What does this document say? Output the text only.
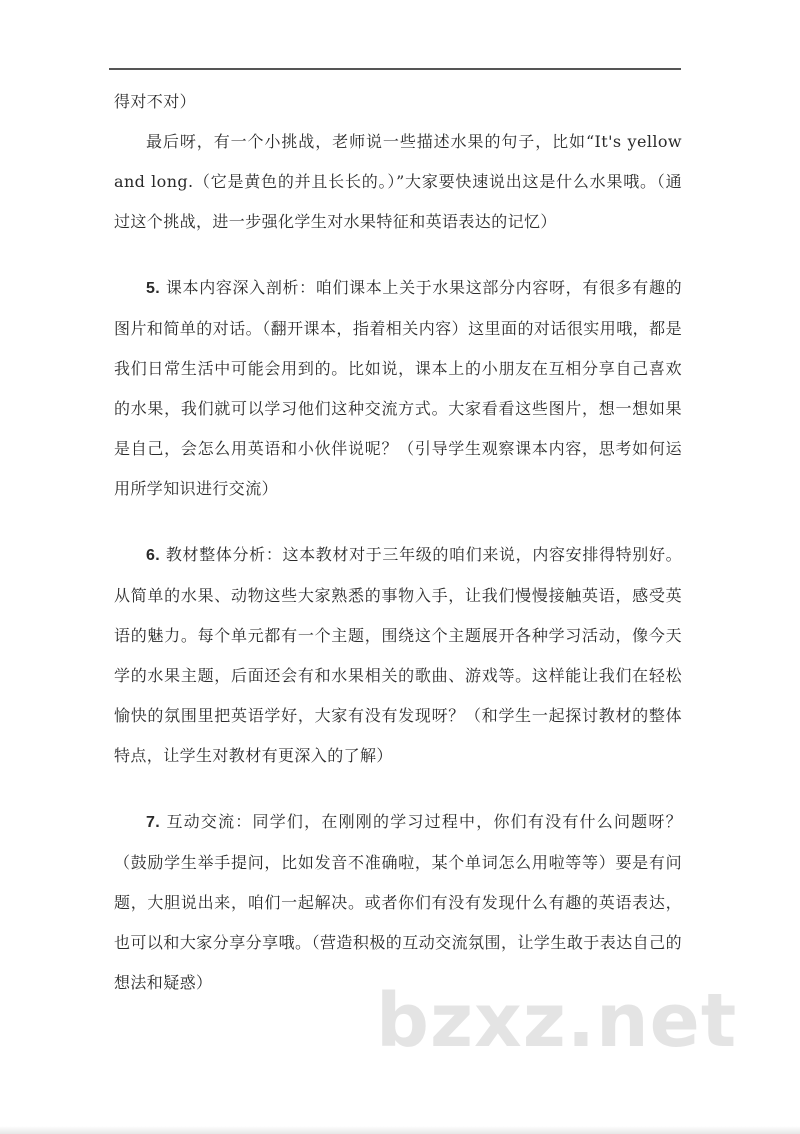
得对不对）

最后呀，有一个小挑战，老师说一些描述水果的句子，比如“It's yellow and long.（它是黄色的并且长长的。）”大家要快速说出这是什么水果哦。（通过这个挑战，进一步强化学生对水果特征和英语表达的记忆）

5. 课本内容深入剖析：咱们课本上关于水果这部分内容呀，有很多有趣的图片和简单的对话。（翻开课本，指着相关内容）这里面的对话很实用哦，都是我们日常生活中可能会用到的。比如说，课本上的小朋友在互相分享自己喜欢的水果，我们就可以学习他们这种交流方式。大家看看这些图片，想一想如果是自己，会怎么用英语和小伙伴说呢？（引导学生观察课本内容，思考如何运用所学知识进行交流）

6. 教材整体分析：这本教材对于三年级的咱们来说，内容安排得特别好。从简单的水果、动物这些大家熟悉的事物入手，让我们慢慢接触英语，感受英语的魅力。每个单元都有一个主题，围绕这个主题展开各种学习活动，像今天学的水果主题，后面还会有和水果相关的歌曲、游戏等。这样能让我们在轻松愉快的氛围里把英语学好，大家有没有发现呀？（和学生一起探讨教材的整体特点，让学生对教材有更深入的了解）

7. 互动交流：同学们，在刚刚的学习过程中，你们有没有什么问题呀？（鼓励学生举手提问，比如发音不准确啦，某个单词怎么用啦等等）要是有问题，大胆说出来，咱们一起解决。或者你们有没有发现什么有趣的英语表达，也可以和大家分享分享哦。（营造积极的互动交流氛围，让学生敢于表达自己的想法和疑惑）	bzxz.net
